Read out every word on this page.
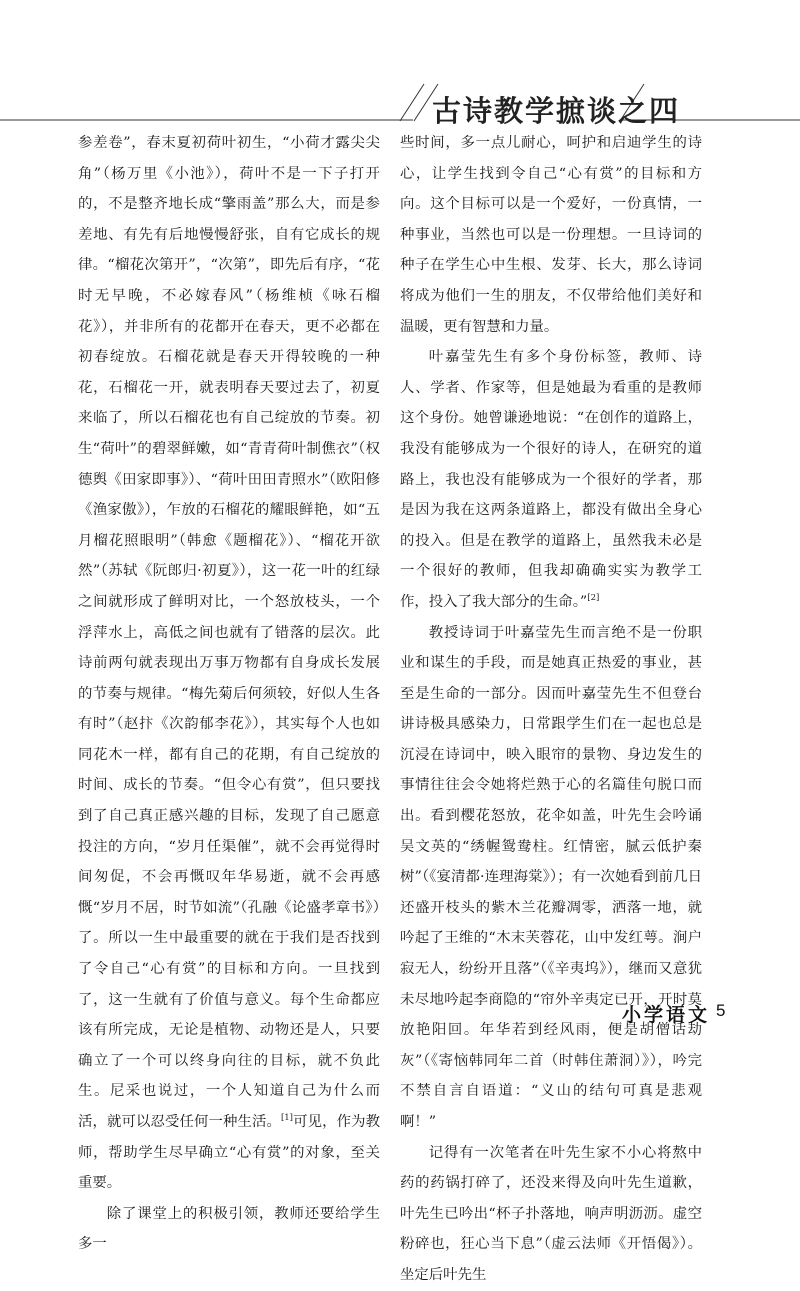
古诗教学摭谈之四

参差卷”，春末夏初荷叶初生，“小荷才露尖尖角”（杨万里《小池》），荷叶不是一下子打开的，不是整齐地长成“擎雨盖”那么大，而是参差地、有先有后地慢慢舒张，自有它成长的规律。“榴花次第开”，“次第”，即先后有序，“花时无早晚，不必嫁春风”（杨维桢《咏石榴花》），并非所有的花都开在春天，更不必都在初春绽放。石榴花就是春天开得较晚的一种花，石榴花一开，就表明春天要过去了，初夏来临了，所以石榴花也有自己绽放的节奏。初生“荷叶”的碧翠鲜嫩，如“青青荷叶制僬衣”（权德舆《田家即事》）、“荷叶田田青照水”（欧阳修《渔家傲》），乍放的石榴花的耀眼鲜艳，如“五月榴花照眼明”（韩愈《题榴花》）、“榴花开欲然”（苏轼《阮郎归·初夏》），这一花一叶的红绿之间就形成了鲜明对比，一个怒放枝头，一个浮萍水上，高低之间也就有了错落的层次。此诗前两句就表现出万事万物都有自身成长发展的节奏与规律。“梅先菊后何须较，好似人生各有时”（赵抃《次韵郁李花》），其实每个人也如同花木一样，都有自己的花期，有自己绽放的时间、成长的节奏。“但令心有赏”，但只要找到了自己真正感兴趣的目标，发现了自己愿意投注的方向，“岁月任渠催”，就不会再觉得时间匆促，不会再慨叹年华易逝，就不会再感慨“岁月不居，时节如流”（孔融《论盛孝章书》）了。所以一生中最重要的就在于我们是否找到了令自己“心有赏”的目标和方向。一旦找到了，这一生就有了价值与意义。每个生命都应该有所完成，无论是植物、动物还是人，只要确立了一个可以终身向往的目标，就不负此生。尼采也说过，一个人知道自己为什么而活，就可以忍受任何一种生活。[1]可见，作为教师，帮助学生尽早确立“心有赏”的对象，至关重要。

除了课堂上的积极引领，教师还要给学生多一

些时间，多一点儿耐心，呵护和启迪学生的诗心，让学生找到令自己“心有赏”的目标和方向。这个目标可以是一个爱好，一份真情，一种事业，当然也可以是一份理想。一旦诗词的种子在学生心中生根、发芽、长大，那么诗词将成为他们一生的朋友，不仅带给他们美好和温暖，更有智慧和力量。

叶嘉莹先生有多个身份标签，教师、诗人、学者、作家等，但是她最为看重的是教师这个身份。她曾谦逊地说：“在创作的道路上，我没有能够成为一个很好的诗人，在研究的道路上，我也没有能够成为一个很好的学者，那是因为我在这两条道路上，都没有做出全身心的投入。但是在教学的道路上，虽然我未必是一个很好的教师，但我却确确实实为教学工作，投入了我大部分的生命。”[2]

教授诗词于叶嘉莹先生而言绝不是一份职业和谋生的手段，而是她真正热爱的事业，甚至是生命的一部分。因而叶嘉莹先生不但登台讲诗极具感染力，日常跟学生们在一起也总是沉浸在诗词中，映入眼帘的景物、身边发生的事情往往会令她将烂熟于心的名篇佳句脱口而出。看到樱花怒放，花伞如盖，叶先生会吟诵吴文英的“绣幄鸳鸯柱。红情密，腻云低护秦树”（《宴清都·连理海棠》）；有一次她看到前几日还盛开枝头的紫木兰花瓣凋零，洒落一地，就吟起了王维的“木末芙蓉花，山中发红萼。涧户寂无人，纷纷开且落”（《辛夷坞》），继而又意犹未尽地吟起李商隐的“帘外辛夷定已开，开时莫放艳阳回。年华若到经风雨，便是胡僧话劫灰”（《寄恼韩同年二首（时韩住萧洞）》），吟完不禁自言自语道：“义山的结句可真是悲观啊！”

记得有一次笔者在叶先生家不小心将熬中药的药锅打碎了，还没来得及向叶先生道歉，叶先生已吟出“杯子扑落地，响声明沥沥。虚空粉碎也，狂心当下息”（虚云法师《开悟偈》）。坐定后叶先生

小学语文 5
